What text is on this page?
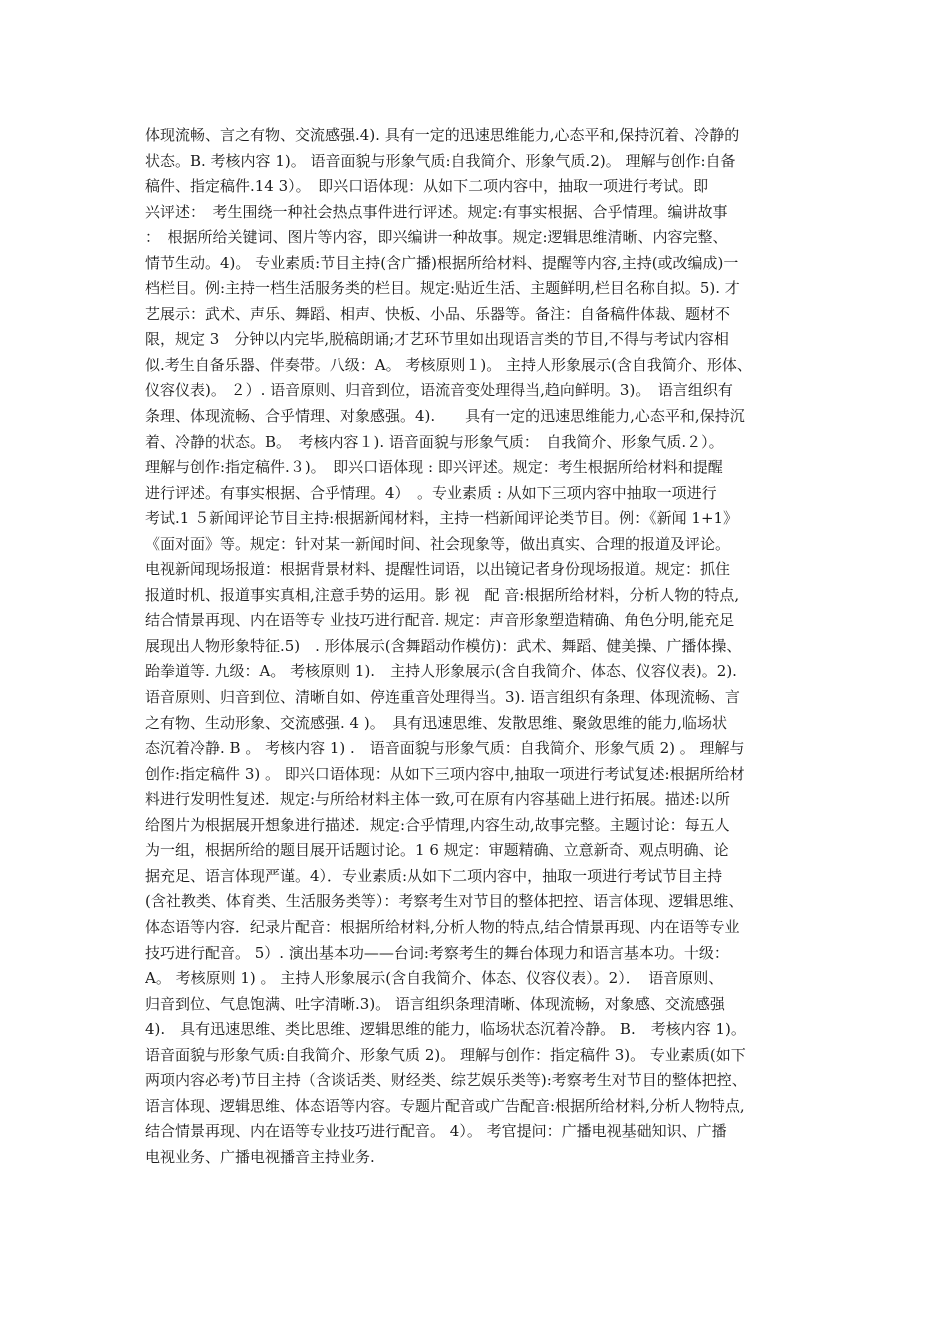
体现流畅、言之有物、交流感强.4). 具有一定的迅速思维能力,心态平和,保持沉着、冷静的
状态。B. 考核内容 1)。 语音面貌与形象气质:自我简介、形象气质.2)。 理解与创作:自备
稿件、指定稿件.14 3）。　即兴口语体现：从如下二项内容中，抽取一项进行考试。即
兴评述：　考生围绕一种社会热点事件进行评述。规定:有事实根据、合乎情理。编讲故事
：　根据所给关键词、图片等内容，即兴编讲一种故事。规定:逻辑思维清晰、内容完整、
情节生动。4)。 专业素质:节目主持(含广播)根据所给材料、提醒等内容,主持(或改编成)一
档栏目。例:主持一档生活服务类的栏目。规定:贴近生活、主题鲜明,栏目名称自拟。5). 才
艺展示：武术、声乐、舞蹈、相声、快板、小品、乐器等。备注：自备稿件体裁、题材不
限，规定 3　分钟以内完毕,脱稿朗诵;才艺环节里如出现语言类的节目,不得与考试内容相
似.考生自备乐器、伴奏带。八级：A。 考核原则１)。 主持人形象展示(含自我简介、形体、
仪容仪表)。 ２）. 语音原则、归音到位，语流音变处理得当,趋向鲜明。3)。　语言组织有
条理、体现流畅、合乎情理、对象感强。4).　　具有一定的迅速思维能力,心态平和,保持沉
着、冷静的状态。B。　考核内容１). 语音面貌与形象气质：　自我简介、形象气质.２）。
理解与创作:指定稿件.３)。　即兴口语体现 : 即兴评述。规定：考生根据所给材料和提醒
进行评述。有事实根据、合乎情理。4）　。专业素质 : 从如下三项内容中抽取一项进行
考试.1 ５新闻评论节目主持:根据新闻材料，主持一档新闻评论类节目。例：《新闻 1+1》
《面对面》等。规定：针对某一新闻时间、社会现象等，做出真实、合理的报道及评论。
电视新闻现场报道：根据背景材料、提醒性词语，以出镜记者身份现场报道。规定：抓住
报道时机、报道事实真相,注意手势的运用。影 视　配 音:根据所给材料，分析人物的特点,
结合情景再现、内在语等专 业技巧进行配音. 规定：声音形象塑造精确、角色分明,能充足
展现出人物形象特征.5)　. 形体展示(含舞蹈动作模仿)：武术、舞蹈、健美操、广播体操、
跆拳道等. 九级：A。 考核原则 1).　主持人形象展示(含自我简介、体态、仪容仪表)。2).
语音原则、归音到位、清晰自如、停连重音处理得当。3). 语言组织有条理、体现流畅、言
之有物、生动形象、交流感强. 4 )。　具有迅速思维、发散思维、聚敛思维的能力,临场状
态沉着冷静. B 。 考核内容 1) .　语音面貌与形象气质：自我简介、形象气质 2) 。 理解与
创作:指定稿件 3) 。 即兴口语体现：从如下三项内容中,抽取一项进行考试复述:根据所给材
料进行发明性复述．规定:与所给材料主体一致,可在原有内容基础上进行拓展。描述:以所
给图片为根据展开想象进行描述．规定:合乎情理,内容生动,故事完整。主题讨论：每五人
为一组，根据所给的题目展开话题讨论。1 6 规定：审题精确、立意新奇、观点明确、论
据充足、语言体现严谨。4）．专业素质:从如下二项内容中，抽取一项进行考试节目主持
(含社教类、体育类、生活服务类等）：考察考生对节目的整体把控、语言体现、逻辑思维、
体态语等内容．纪录片配音：根据所给材料,分析人物的特点,结合情景再现、内在语等专业
技巧进行配音。 5）. 演出基本功——台词:考察考生的舞台体现力和语言基本功。十级：
A。 考核原则 1) 。 主持人形象展示(含自我简介、体态、仪容仪表）。2）．　语音原则、
归音到位、气息饱满、吐字清晰.3)。 语言组织条理清晰、体现流畅，对象感、交流感强
4).　具有迅速思维、类比思维、逻辑思维的能力，临场状态沉着冷静。 B.　考核内容 1)。
语音面貌与形象气质:自我简介、形象气质 2)。 理解与创作：指定稿件 3)。 专业素质(如下
两项内容必考)节目主持（含谈话类、财经类、综艺娱乐类等):考察考生对节目的整体把控、
语言体现、逻辑思维、体态语等内容。专题片配音或广告配音:根据所给材料,分析人物特点,
结合情景再现、内在语等专业技巧进行配音。 4）。 考官提问：广播电视基础知识、广播
电视业务、广播电视播音主持业务.
